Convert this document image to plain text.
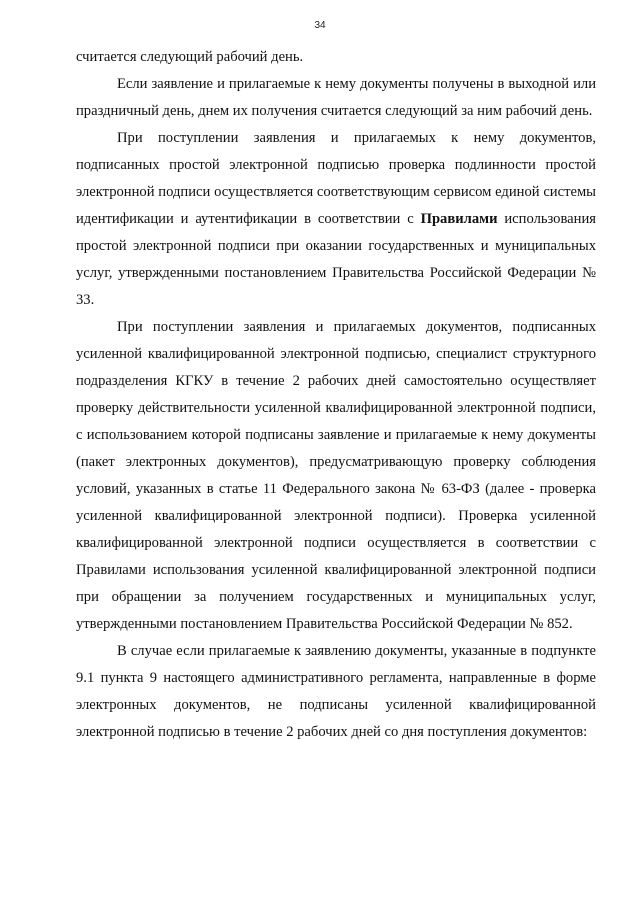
34

считается следующий рабочий день.

Если заявление и прилагаемые к нему документы получены в выходной или праздничный день, днем их получения считается следующий за ним рабочий день.

При поступлении заявления и прилагаемых к нему документов, подписанных простой электронной подписью проверка подлинности простой электронной подписи осуществляется соответствующим сервисом единой системы идентификации и аутентификации в соответствии с Правилами использования простой электронной подписи при оказании государственных и муниципальных услуг, утвержденными постановлением Правительства Российской Федерации № 33.

При поступлении заявления и прилагаемых документов, подписанных усиленной квалифицированной электронной подписью, специалист структурного подразделения КГКУ в течение 2 рабочих дней самостоятельно осуществляет проверку действительности усиленной квалифицированной электронной подписи, с использованием которой подписаны заявление и прилагаемые к нему документы (пакет электронных документов), предусматривающую проверку соблюдения условий, указанных в статье 11 Федерального закона № 63-ФЗ (далее - проверка усиленной квалифицированной электронной подписи). Проверка усиленной квалифицированной электронной подписи осуществляется в соответствии с Правилами использования усиленной квалифицированной электронной подписи при обращении за получением государственных и муниципальных услуг, утвержденными постановлением Правительства Российской Федерации № 852.

В случае если прилагаемые к заявлению документы, указанные в подпункте 9.1 пункта 9 настоящего административного регламента, направленные в форме электронных документов, не подписаны усиленной квалифицированной электронной подписью в течение 2 рабочих дней со дня поступления документов:
